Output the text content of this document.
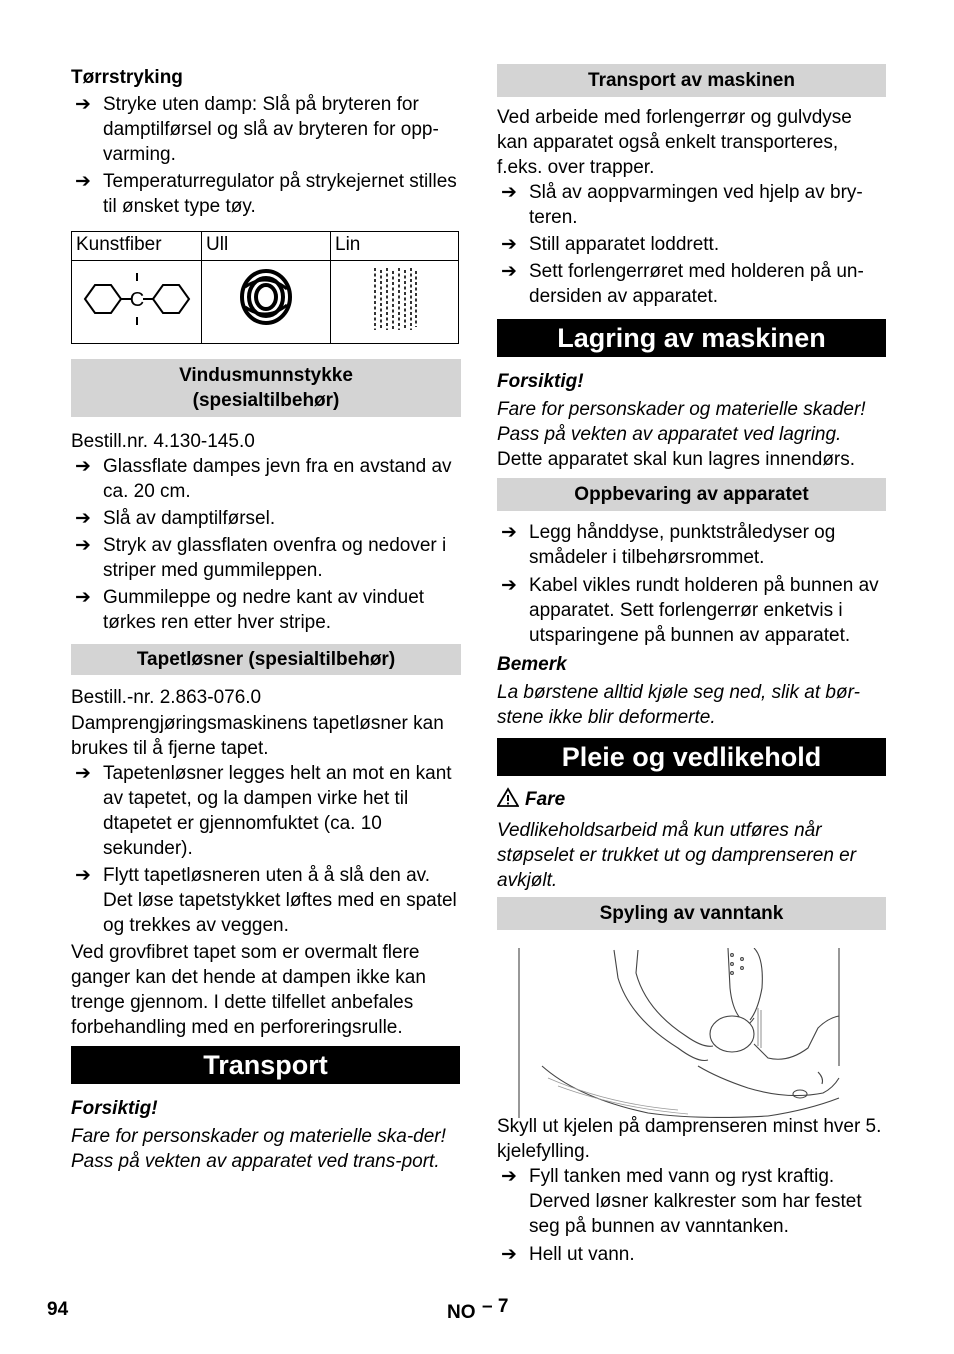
Tørrstryking

➔ Stryke uten damp: Slå på bryteren for damptilførsel og slå av bryteren for opp-varming.

➔ Temperaturregulator på strykejernet stilles til ønsket type tøy.

Kunstfiber	Ull	Lin

C

Vindusmunnstykke
(spesialtilbehør)

Bestill.nr. 4.130-145.0

➔ Glassflate dampes jevn fra en avstand av ca. 20 cm.

➔ Slå av damptilførsel.

➔ Stryk av glassflaten ovenfra og nedover i striper med gummileppen.

➔ Gummileppe og nedre kant av vinduet tørkes ren etter hver stripe.

Tapetløsner (spesialtilbehør)

Bestill.-nr. 2.863-076.0

Damprengjøringsmaskinens tapetløsner kan brukes til å fjerne tapet.

➔ Tapetenløsner legges helt an mot en kant av tapetet, og la dampen virke het til dtapetet er gjennomfuktet (ca. 10 sekunder).

➔ Flytt tapetløsneren uten å å slå den av. Det løse tapetstykket løftes med en spatel og trekkes av veggen.

Ved grovfibret tapet som er overmalt flere ganger kan det hende at dampen ikke kan trenge gjennom. I dette tilfellet anbefales forbehandling med en perforeringsrulle.

Transport

Forsiktig!

Fare for personskader og materielle ska-der! Pass på vekten av apparatet ved trans-port.

Transport av maskinen

Ved arbeide med forlengerrør og gulvdyse kan apparatet også enkelt transporteres, f.eks. over trapper.

➔ Slå av aoppvarmingen ved hjelp av bry-teren.

➔ Still apparatet loddrett.

➔ Sett forlengerrøret med holderen på un-dersiden av apparatet.

Lagring av maskinen

Forsiktig!

Fare for personskader og materielle skader! Pass på vekten av apparatet ved lagring.

Dette apparatet skal kun lagres innendørs.

Oppbevaring av apparatet

➔ Legg hånddyse, punktstråledyser og smådeler i tilbehørsrommet.

➔ Kabel vikles rundt holderen på bunnen av apparatet. Sett forlengerrør enketvis i utsparingene på bunnen av apparatet.

Bemerk

La børstene alltid kjøle seg ned, slik at bør-stene ikke blir deformerte.

Pleie og vedlikehold

Fare

Vedlikeholdsarbeid må kun utføres når støpselet er trukket ut og damprenseren er avkjølt.

Spyling av vanntank

Skyll ut kjelen på damprenseren minst hver 5. kjelefylling.

➔ Fyll tanken med vann og ryst kraftig. Derved løsner kalkrester som har festet seg på bunnen av vanntanken.

➔ Hell ut vann.

94	NO – 7
